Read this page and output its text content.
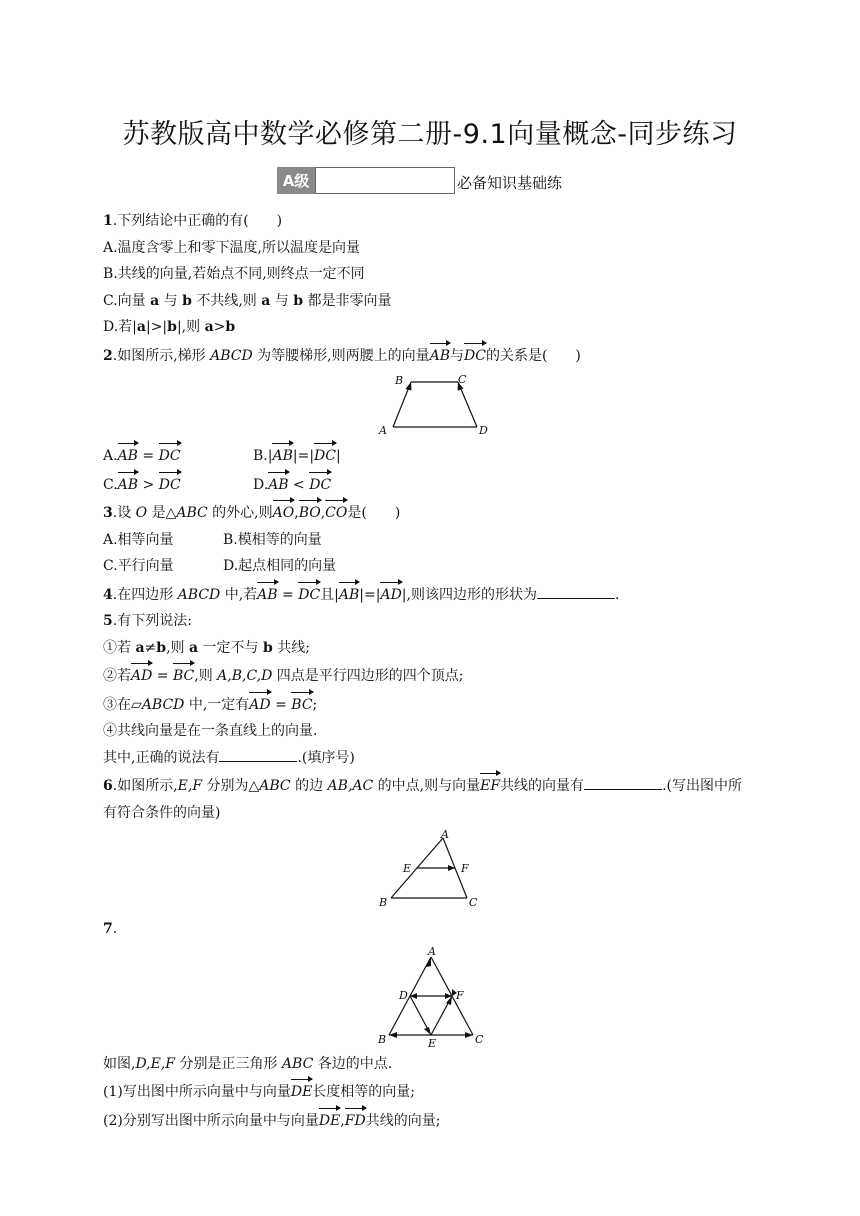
苏教版高中数学必修第二册-9.1向量概念-同步练习
A级	必备知识基础练
1.下列结论中正确的有(　　)
A.温度含零上和零下温度,所以温度是向量
B.共线的向量,若始点不同,则终点一定不同
C.向量 a 与 b 不共线,则 a 与 b 都是非零向量
D.若|a|>|b|,则 a>b
2.如图所示,梯形 ABCD 为等腰梯形,则两腰上的向量AB与DC的关系是(　　)
B	C
A	D
A.AB = DC	B.|AB|=|DC|
C.AB > DC	D.AB < DC
3.设 O 是△ABC 的外心,则AO,BO,CO是(　　)
A.相等向量	B.模相等的向量
C.平行向量	D.起点相同的向量
4.在四边形 ABCD 中,若AB = DC且|AB|=|AD|,则该四边形的形状为	.
5.有下列说法:
①若 a≠b,则 a 一定不与 b 共线;
②若AD = BC,则 A,B,C,D 四点是平行四边形的四个顶点;
③在▱ABCD 中,一定有AD = BC;
④共线向量是在一条直线上的向量.
其中,正确的说法有	.(填序号)
6.如图所示,E,F 分别为△ABC 的边 AB,AC 的中点,则与向量EF共线的向量有	.(写出图中所
有符合条件的向量)
A
E	F
B	C
7.
A
D	F
B	E	C
如图,D,E,F 分别是正三角形 ABC 各边的中点.
(1)写出图中所示向量中与向量DE长度相等的向量;
(2)分别写出图中所示向量中与向量DE,FD共线的向量;
